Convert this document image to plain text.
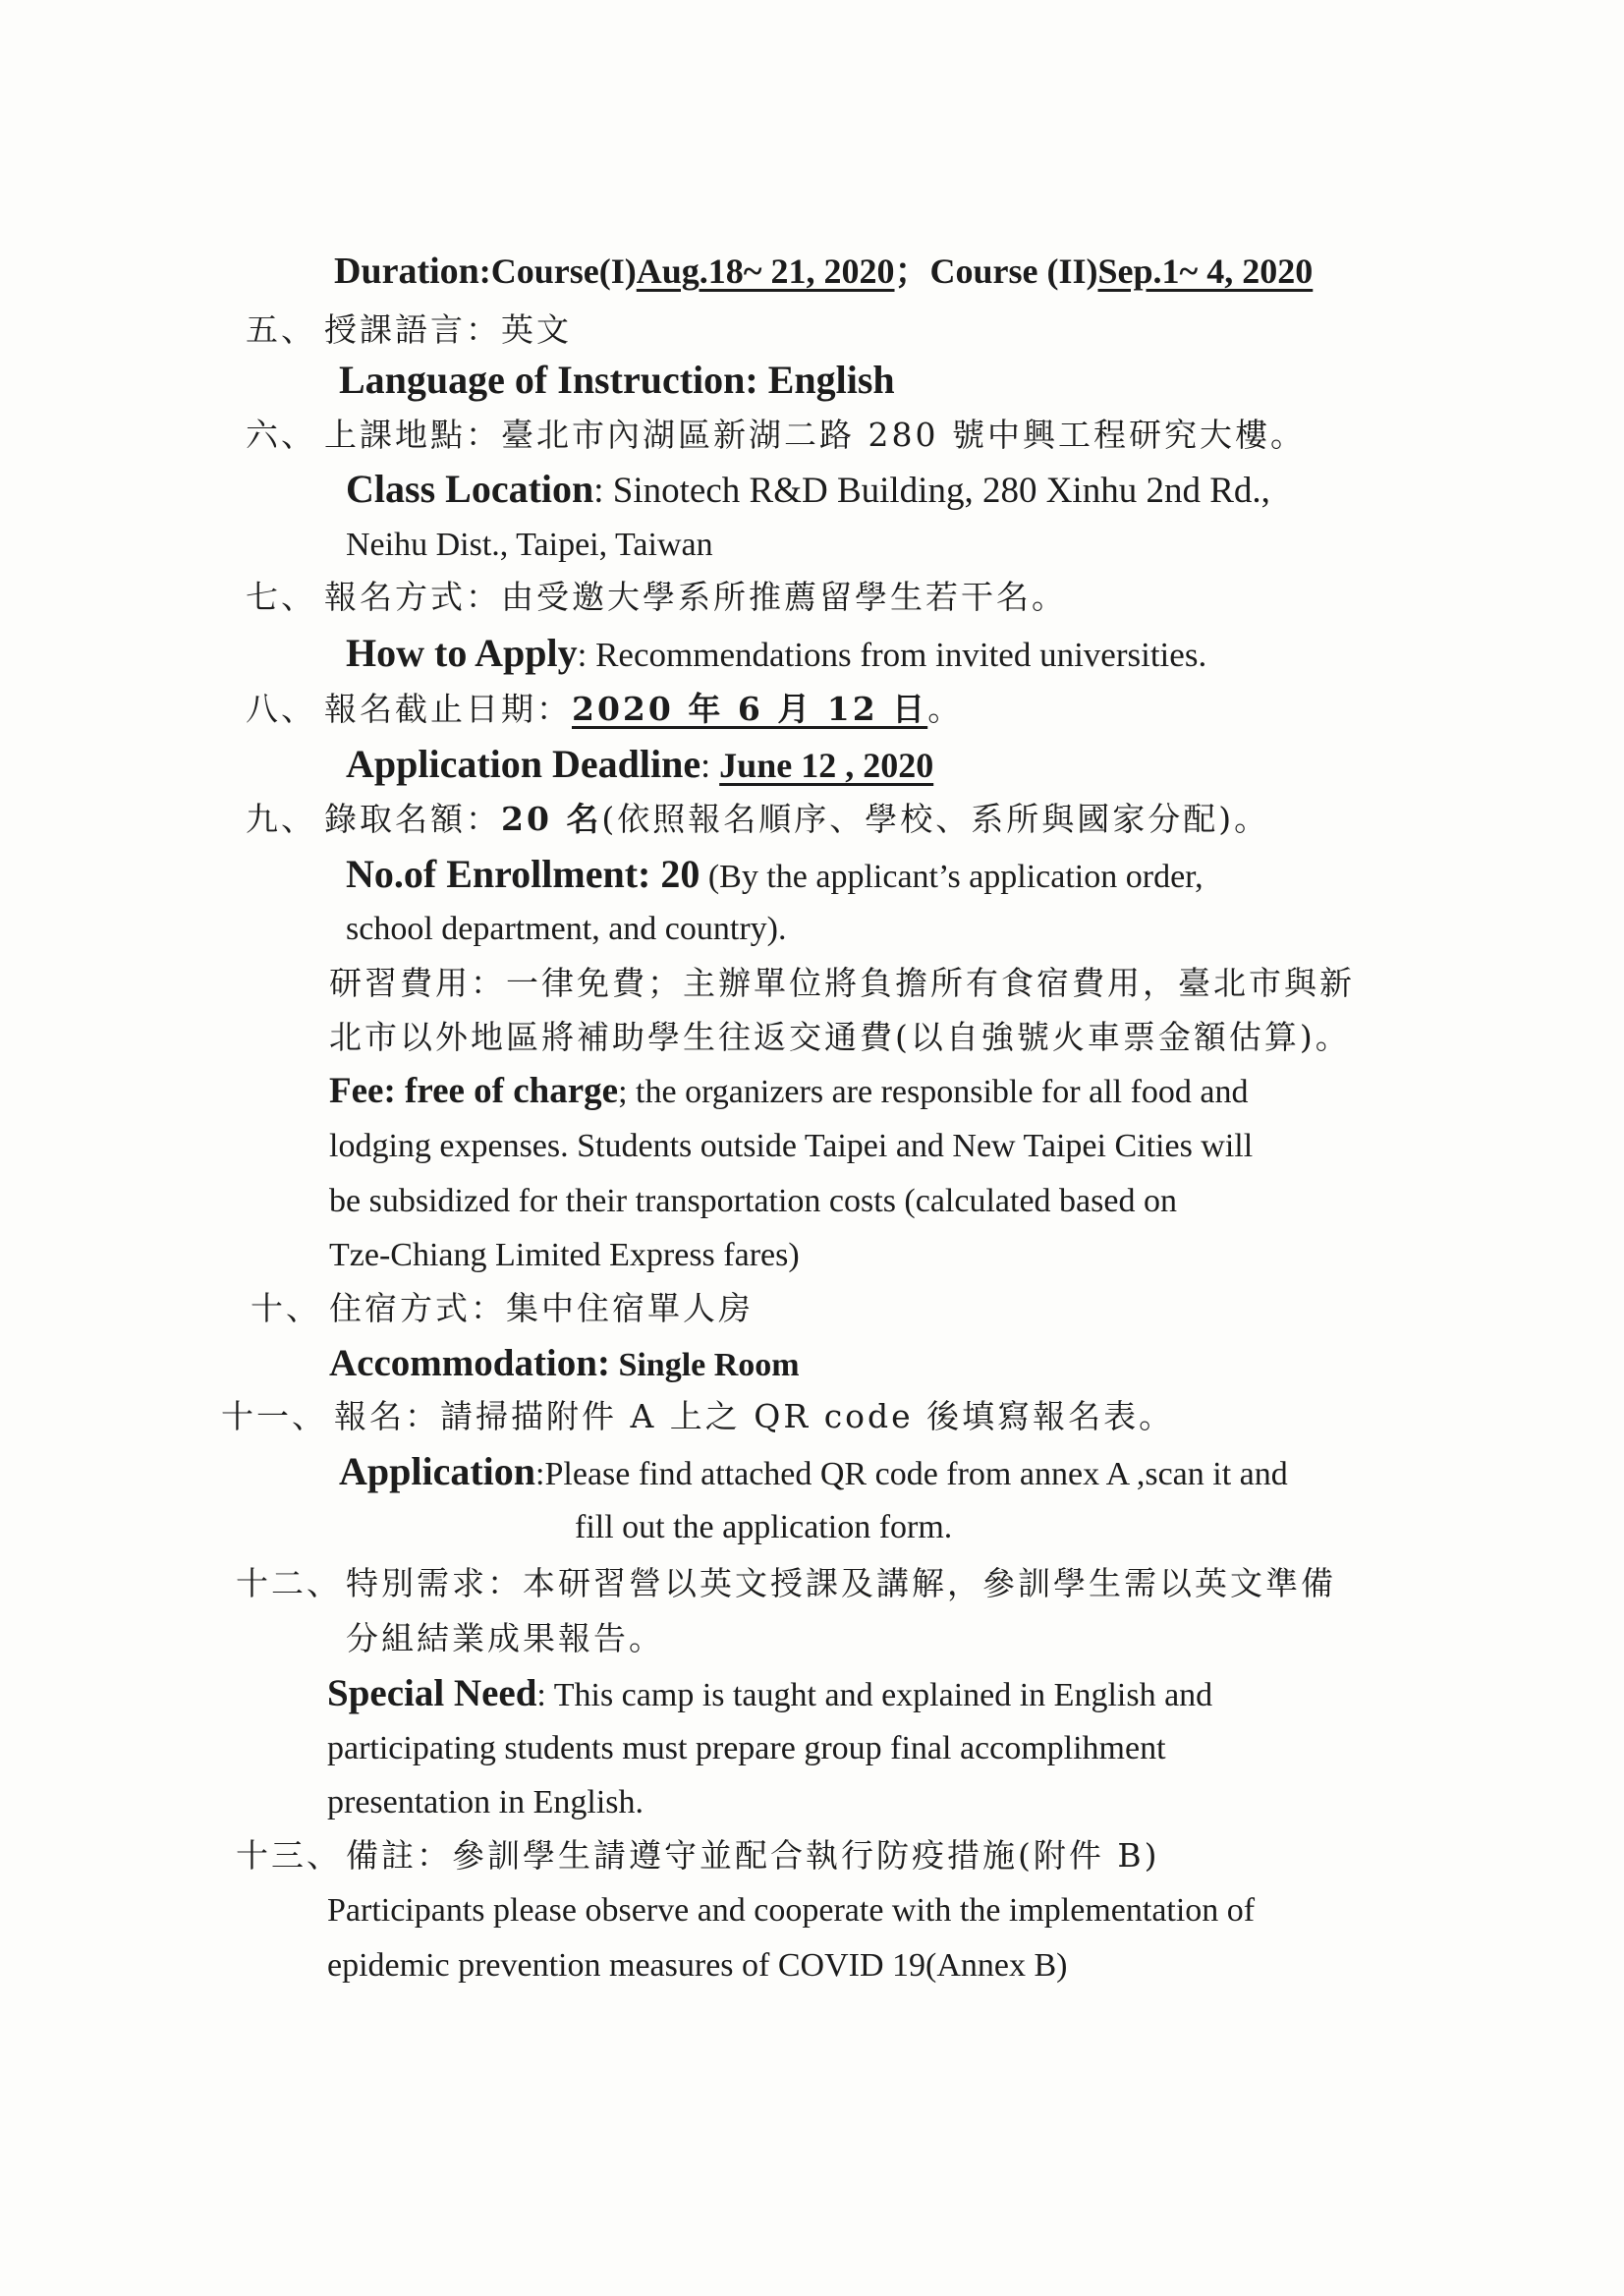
Duration:Course(I)Aug.18~ 21, 2020；Course (II)Sep.1~ 4, 2020
五、 授課語言：英文
Language of Instruction: English
六、 上課地點：臺北市內湖區新湖二路 280 號中興工程研究大樓。
Class Location: Sinotech R&D Building, 280 Xinhu 2nd Rd.,
Neihu Dist., Taipei, Taiwan
七、 報名方式：由受邀大學系所推薦留學生若干名。
How to Apply: Recommendations from invited universities.
八、 報名截止日期：2020 年 6 月 12 日。
Application Deadline: June 12 , 2020
九、 錄取名額：20 名(依照報名順序、學校、系所與國家分配)。
No.of Enrollment: 20 (By the applicant’s application order,
school department, and country).
研習費用：一律免費；主辦單位將負擔所有食宿費用，臺北市與新
北市以外地區將補助學生往返交通費(以自強號火車票金額估算)。
Fee: free of charge; the organizers are responsible for all food and
lodging expenses. Students outside Taipei and New Taipei Cities will
be subsidized for their transportation costs (calculated based on
Tze-Chiang Limited Express fares)
十、 住宿方式：集中住宿單人房
Accommodation: Single Room
十一、 報名：請掃描附件 A 上之 QR code 後填寫報名表。
Application:Please find attached QR code from annex A ,scan it and
fill out the application form.
十二、 特別需求：本研習營以英文授課及講解，參訓學生需以英文準備
分組結業成果報告。
Special Need: This camp is taught and explained in English and
participating students must prepare group final accomplihment
presentation in English.
十三、 備註：參訓學生請遵守並配合執行防疫措施(附件 B)
Participants please observe and cooperate with the implementation of
epidemic prevention measures of COVID 19(Annex B)
